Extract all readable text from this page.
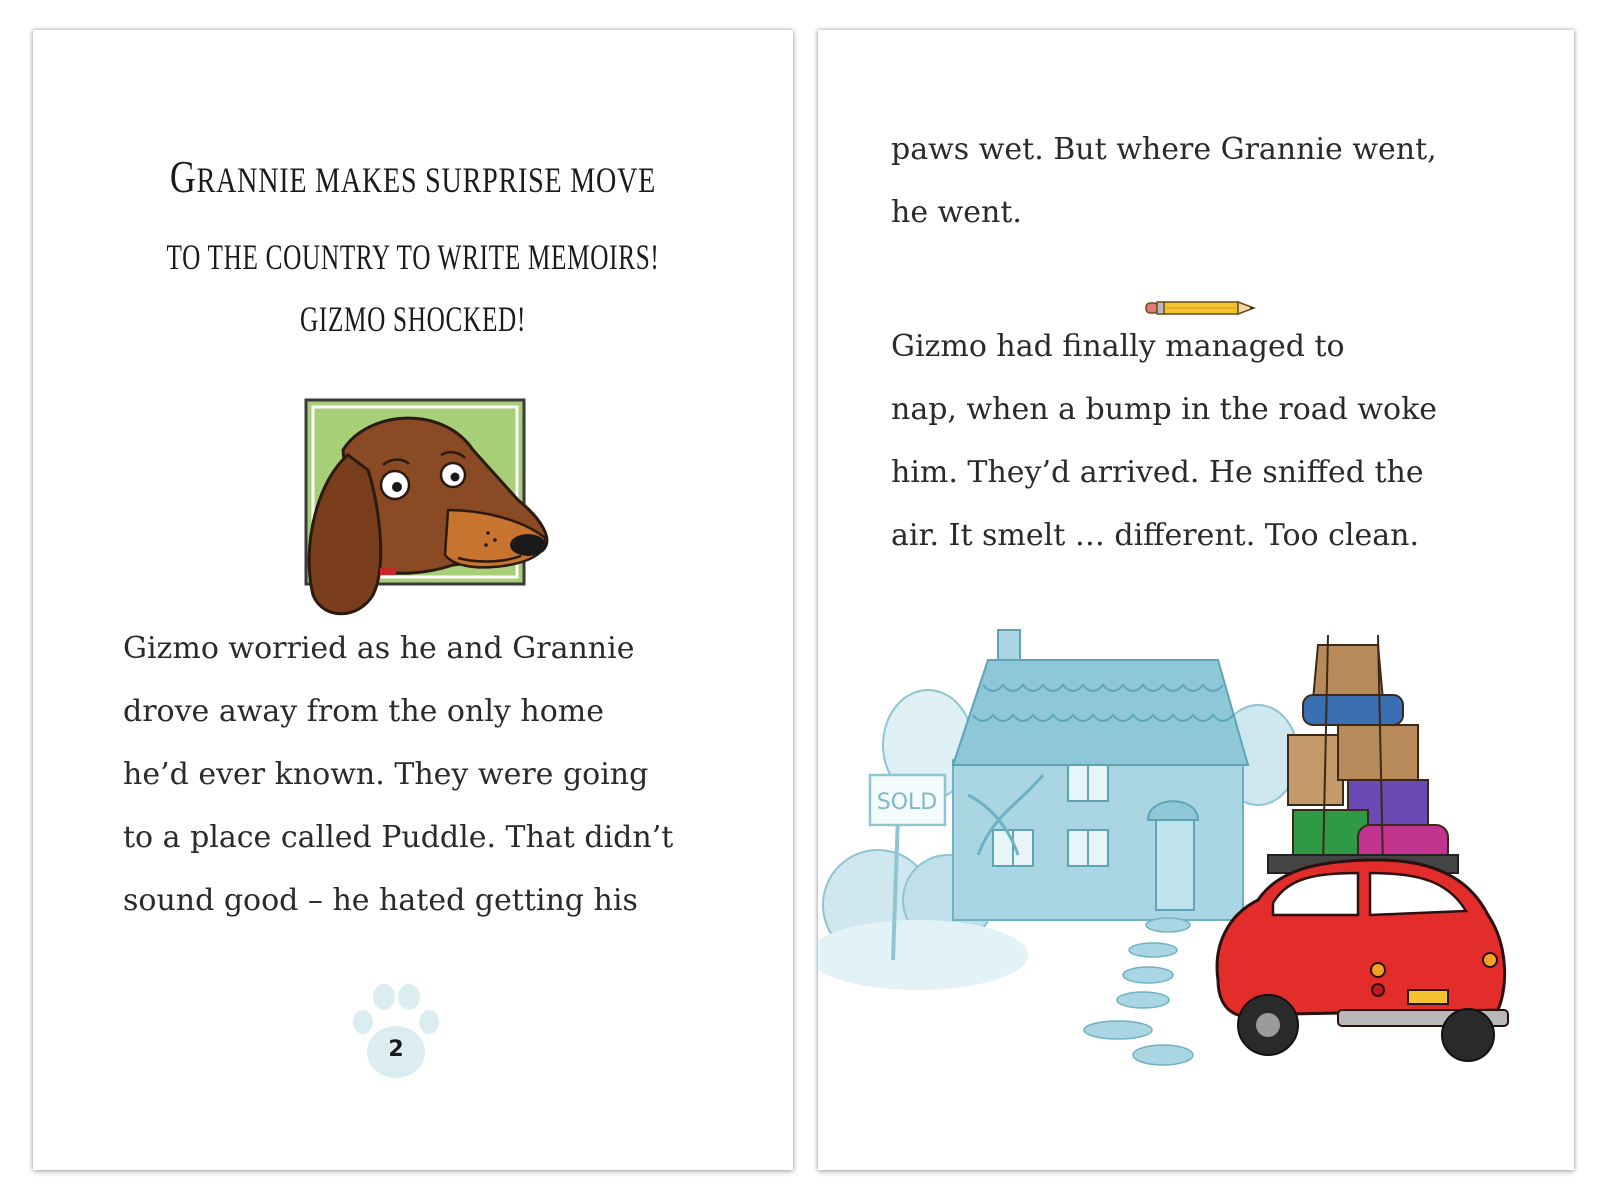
GRANNIE MAKES SURPRISE MOVE
TO THE COUNTRY TO WRITE MEMOIRS!
GIZMO SHOCKED!
Gizmo worried as he and Grannie
drove away from the only home
he’d ever known. They were going
to a place called Puddle. That didn’t
sound good – he hated getting his
2
paws wet. But where Grannie went,
he went.
Gizmo had finally managed to
nap, when a bump in the road woke
him. They’d arrived. He sniffed the
air. It smelt … different. Too clean.
SOLD
